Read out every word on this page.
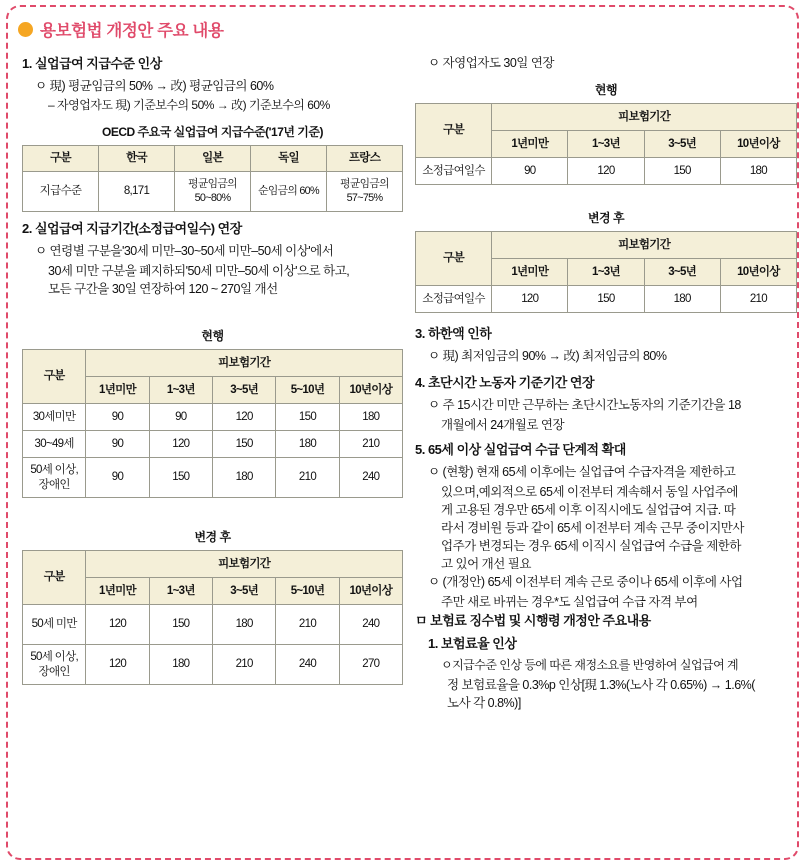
용보험법 개정안 주요 내용
1. 실업급여 지급수준 인상
ㅇ 現) 평균임금의 50% → 改) 평균임금의 60%
– 자영업자도 現) 기준보수의 50% → 改) 기준보수의 60%
OECD 주요국 실업급여 지급수준('17년 기준)
구분	한국	일본	독일	프랑스
지급수준	8,171	평균임금의 50~80%	순임금의 60%	평균임금의 57~75%
2. 실업급여 지급기간(소정급여일수) 연장
ㅇ 연령별 구분을'30세 미만–30~50세 미만–50세 이상'에서
30세 미만 구분을 폐지하되'50세 미만–50세 이상'으로 하고,
모든 구간을 30일 연장하여 120 ~ 270일 개선
현행
구분	피보험기간				
	1년미만	1~3년	3~5년	5~10년	10년이상
30세미만	90	90	120	150	180
30~49세	90	120	150	180	210
50세 이상, 장애인	90	150	180	210	240
변경 후
구분	피보험기간				
	1년미만	1~3년	3~5년	5~10년	10년이상
50세 미만	120	150	180	210	240
50세 이상, 장애인	120	180	210	240	270
ㅇ 자영업자도 30일 연장
현행
구분	피보험기간			
	1년미만	1~3년	3~5년	10년이상
소정급여일수	90	120	150	180
변경 후
구분	피보험기간			
	1년미만	1~3년	3~5년	10년이상
소정급여일수	120	150	180	210
3. 하한액 인하
ㅇ 現) 최저임금의 90% → 改) 최저임금의 80%
4. 초단시간 노동자 기준기간 연장
ㅇ 주 15시간 미만 근무하는 초단시간노동자의 기준기간을 18
개월에서 24개월로 연장
5. 65세 이상 실업급여 수급 단계적 확대
ㅇ (현황) 현재 65세 이후에는 실업급여 수급자격을 제한하고
있으며,예외적으로 65세 이전부터 계속해서 동일 사업주에
게 고용된 경우만 65세 이후 이직시에도 실업급여 지급. 따
라서 경비원 등과 같이 65세 이전부터 계속 근무 중이지만사
업주가 변경되는 경우 65세 이직시 실업급여 수급을 제한하
고 있어 개선 필요
ㅇ (개정안) 65세 이전부터 계속 근로 중이나 65세 이후에 사업
주만 새로 바뀌는 경우*도 실업급여 수급 자격 부여
ㅁ 보험료 징수법 및 시행령 개정안 주요내용
1. 보험료율 인상
ㅇ지급수준 인상 등에 따른 재정소요를 반영하여 실업급여 계
정 보험료율을 0.3%p 인상[現 1.3%(노사 각 0.65%) → 1.6%(
노사 각 0.8%)]
